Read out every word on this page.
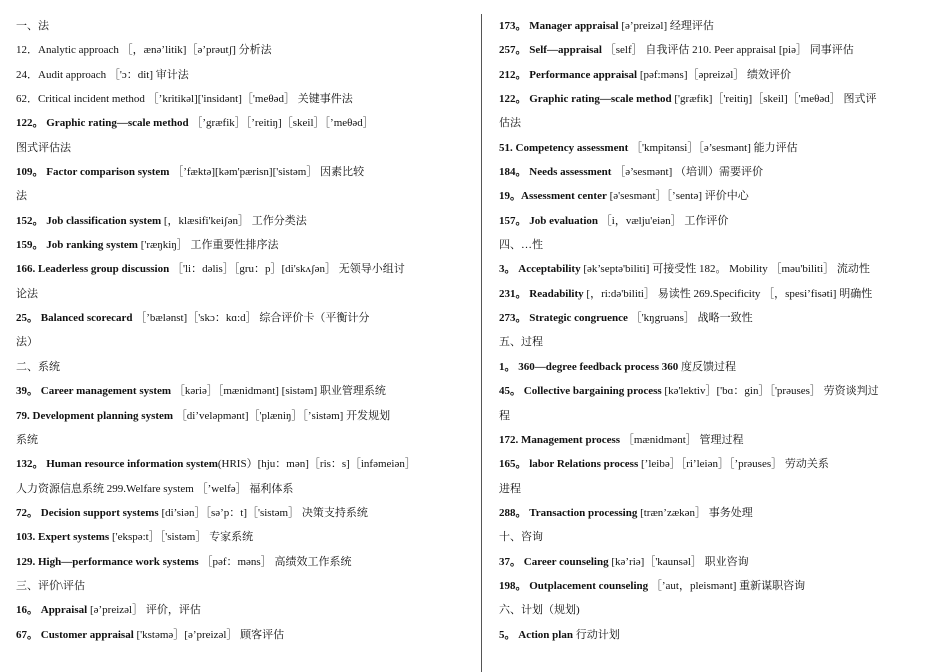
一、法
12．Analytic approach ［，ænə’litik]［ə’prəutʃ] 分析法
24．Audit approach ［'ɔ：dit] 审计法
62．Critical incident method ［’kritikəl]['insidənt]［'meθəd］ 关键事件法
122。 Graphic rating—scale method ［’græfik］［’reitiŋ]［skeil］［’meθəd］
图式评估法
109。 Factor comparison system ［’fæktə][kəm'pærisn]['sistəm］ 因素比较
法
152。 Job classification system [，klæsifi'keiʃən］ 工作分类法
159。 Job ranking system ['ræŋkiŋ］ 工作重要性排序法
166. Leaderless group discussion ［'li：dəlis］［gru：p］[di'skʌʃən］ 无领导小组讨
论法
25。 Balanced scorecard ［’bælənst]［'skɔ：kɑ:d］ 综合评价卡（平衡计分
法）
二、系统
39。 Career management system ［kəriə］［mænidmənt] [sistəm] 职业管理系统
79. Development planning system ［di’veləpmənt]［'plæniŋ］［’sistəm] 开发规划
系统
132。 Human resource information system(HRIS）[hju：mən]［ris：s]［infəmeiən］
人力资源信息系统 299.Welfare system ［’welfə］ 福利体系
72。 Decision support systems [di’siən］［sə’p：t]［'sistəm］ 决策支持系统
103. Expert systems ['ekspə:t］［'sistəm］ 专家系统
129. High—performance work systems ［pəf：məns］ 高绩效工作系统
三、评价\评估
16。 Appraisal [ə’preizəl］ 评价，评估
67。 Customer appraisal ['kstəmə］[ə’preizəl］ 顾客评估
173。 Manager appraisal [ə’preizəl] 经理评估
257。 Self—appraisal ［self］ 自我评估 210. Peer appraisal [piə］ 同事评估
212。 Performance appraisal [pəf:məns]［əpreizəl］ 绩效评价
122。 Graphic rating—scale method ['græfik]［'reitiŋ]［skeil]［'meθəd］ 图式评
估法
51. Competency assessment ［'kmpitənsi］［ə’sesmənt] 能力评估
184。 Needs assessment ［ə’sesmənt] （培训）需要评价
19。Assessment center [ə'sesmənt］［’sentə] 评价中心
157。 Job evaluation ［i，vælju'eiən］ 工作评价
四、…性
3。 Acceptability [ək’septə'biliti] 可接受性 182。 Mobility ［məu'biliti］ 流动性
231。 Readability [，ri:də'biliti］ 易读性 269.Specificity ［，spesi’fisəti] 明确性
273。 Strategic congruence ［'kŋgruəns］ 战略一致性
五、过程
1。 360—degree feedback process 360 度反馈过程
45。 Collective bargaining process [kə'lektiv］['bɑ：gin］［'prəuses］ 劳资谈判过
程
172. Management process ［mænidmənt］ 管理过程
165。 labor Relations process [’leibə］［ri’leiən］［’prəuses］ 劳动关系
进程
288。 Transaction processing [træn’zækən］ 事务处理
十、咨询
37。 Career counseling [kə’riə]［'kaunsəl］ 职业咨询
198。 Outplacement counseling ［’aut，pleismənt] 重新谋职咨询
六、计划（规划)
5。 Action plan 行动计划
